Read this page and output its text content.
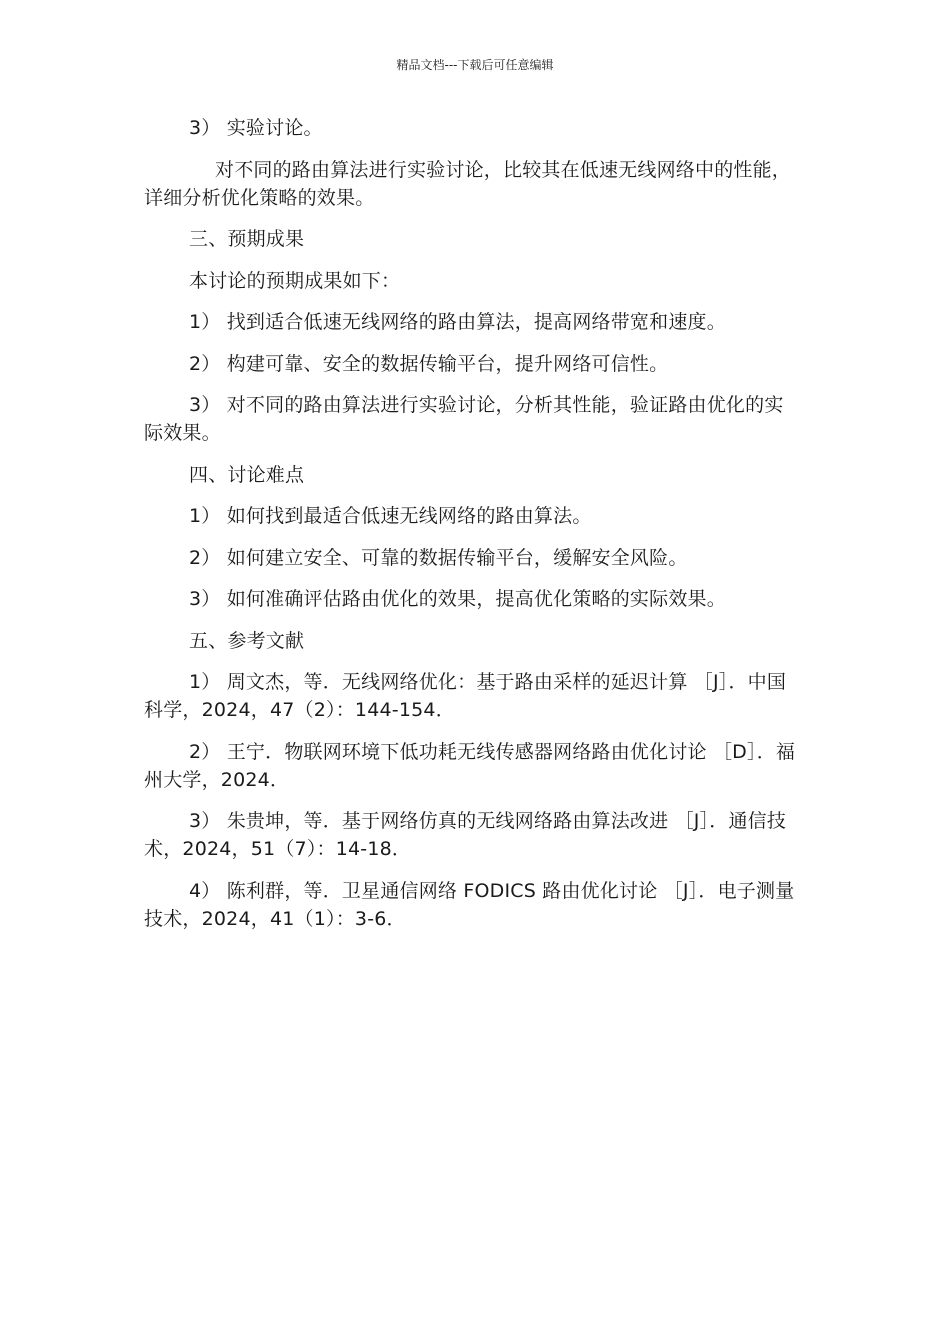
精品文档---下载后可任意编辑

3） 实验讨论。

对不同的路由算法进行实验讨论，比较其在低速无线网络中的性能，详细分析优化策略的效果。

三、预期成果

本讨论的预期成果如下：

1） 找到适合低速无线网络的路由算法，提高网络带宽和速度。

2） 构建可靠、安全的数据传输平台，提升网络可信性。

3） 对不同的路由算法进行实验讨论，分析其性能，验证路由优化的实际效果。

四、讨论难点

1） 如何找到最适合低速无线网络的路由算法。

2） 如何建立安全、可靠的数据传输平台，缓解安全风险。

3） 如何准确评估路由优化的效果，提高优化策略的实际效果。

五、参考文献

1） 周文杰，等．无线网络优化：基于路由采样的延迟计算 ［J］．中国科学，2024，47（2）：144-154．

2） 王宁．物联网环境下低功耗无线传感器网络路由优化讨论 ［D］．福州大学，2024．

3） 朱贵坤，等．基于网络仿真的无线网络路由算法改进 ［J］．通信技术，2024，51（7）：14-18．

4） 陈利群，等．卫星通信网络 FODICS 路由优化讨论 ［J］．电子测量技术，2024，41（1）：3-6．
